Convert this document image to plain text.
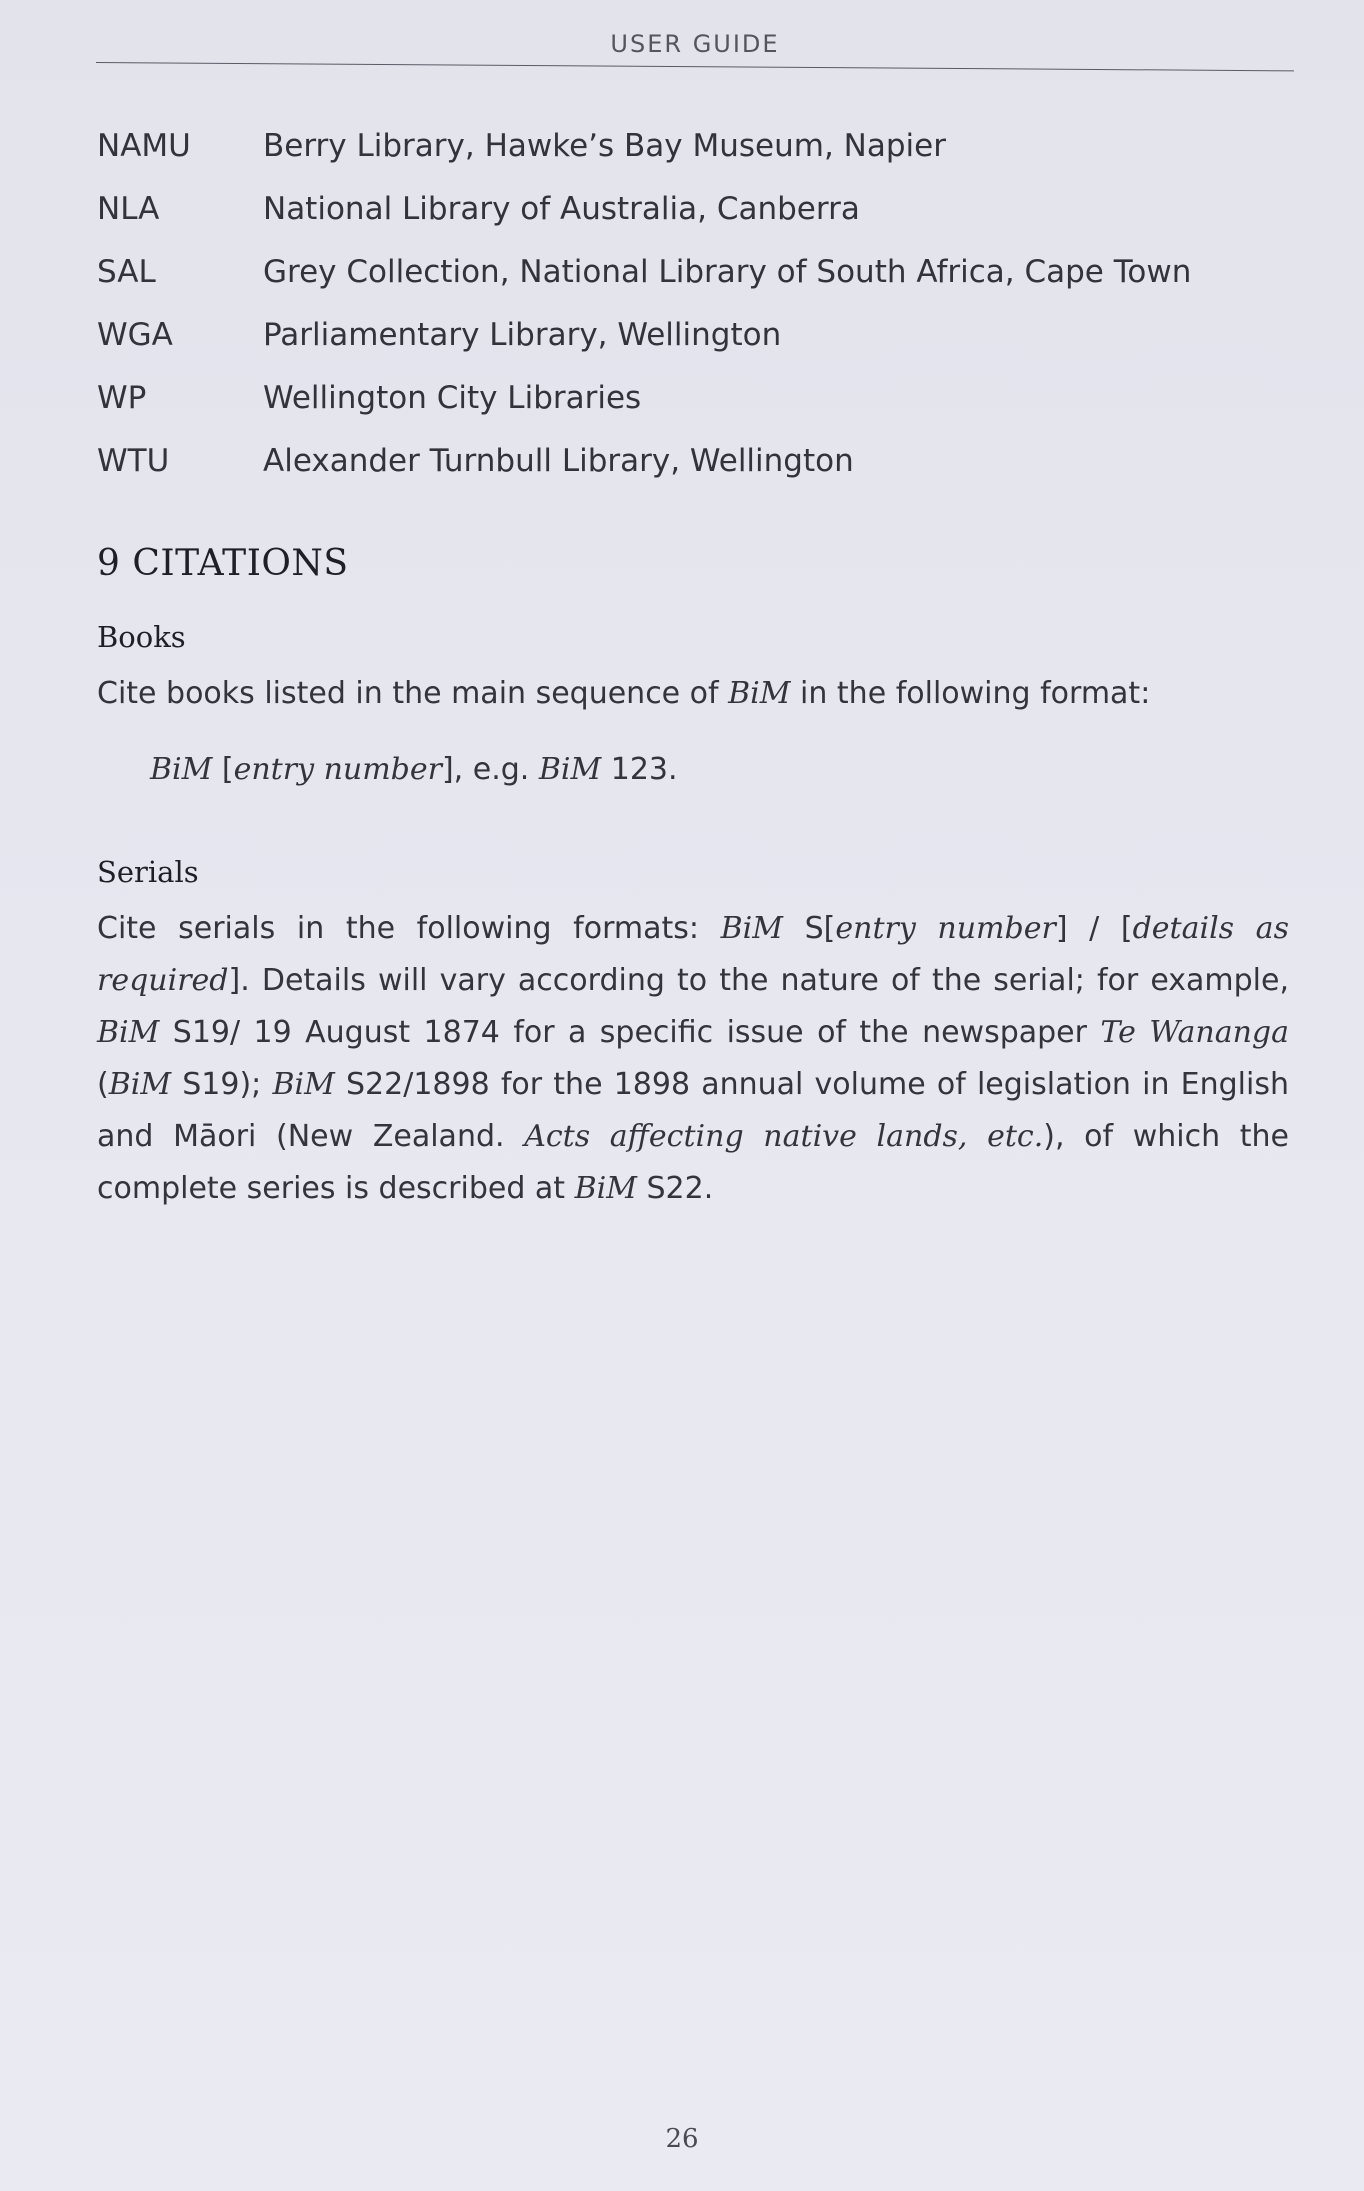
USER GUIDE
NAMU	Berry Library, Hawke’s Bay Museum, Napier
NLA	National Library of Australia, Canberra
SAL	Grey Collection, National Library of South Africa, Cape Town
WGA	Parliamentary Library, Wellington
WP	Wellington City Libraries
WTU	Alexander Turnbull Library, Wellington
9 CITATIONS
Books
Cite books listed in the main sequence of BiM in the following format:
BiM [entry number], e.g. BiM 123.
Serials
Cite serials in the following formats: BiM S[entry number] / [details as required]. Details will vary according to the nature of the serial; for example, BiM S19/ 19 August 1874 for a specific issue of the newspaper Te Wananga (BiM S19); BiM S22/1898 for the 1898 annual volume of legislation in English and Māori (New Zealand. Acts affecting native lands, etc.), of which the complete series is described at BiM S22.
26
